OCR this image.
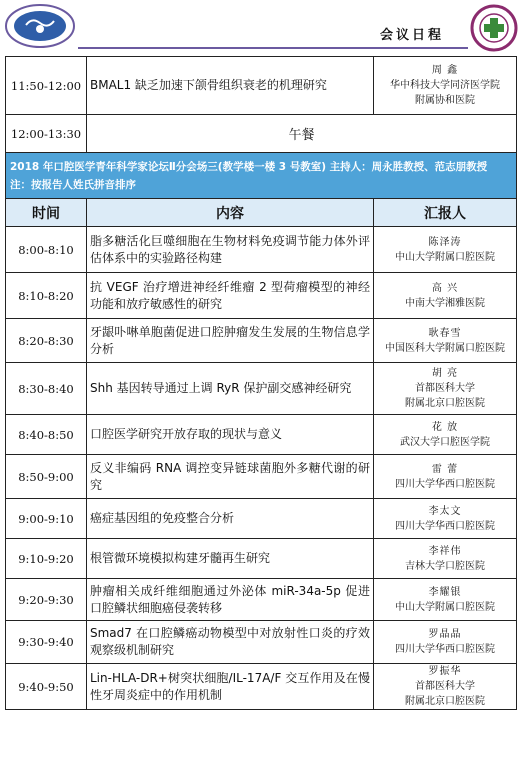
会议日程
11:50-12:00	BMAL1 缺乏加速下颌骨组织衰老的机理研究	周 鑫
华中科技大学同济医学院
附属协和医院

12:00-13:30	午餐	

2018 年口腔医学青年科学家论坛Ⅱ分会场三(教学楼一楼 3 号教室) 主持人：周永胜教授、范志朋教授
注：按报告人姓氏拼音排序		

时间	内容	汇报人
8:00-8:10	脂多糖活化巨噬细胞在生物材料免疫调节能力体外评估体系中的实验路径构建	陈泽涛
中山大学附属口腔医院

8:10-8:20	抗 VEGF 治疗增进神经纤维瘤 2 型荷瘤模型的神经功能和放疗敏感性的研究	高 兴
中南大学湘雅医院

8:20-8:30	牙龈卟啉单胞菌促进口腔肿瘤发生发展的生物信息学分析	耿春雪
中国医科大学附属口腔医院

8:30-8:40	Shh 基因转导通过上调 RyR 保护副交感神经研究	胡 亮
首都医科大学
附属北京口腔医院

8:40-8:50	口腔医学研究开放存取的现状与意义	花 放
武汉大学口腔医学院

8:50-9:00	反义非编码 RNA 调控变异链球菌胞外多糖代谢的研究	雷 蕾
四川大学华西口腔医院

9:00-9:10	癌症基因组的免疫整合分析	李太文
四川大学华西口腔医院

9:10-9:20	根管微环境模拟构建牙髓再生研究	李祥伟
吉林大学口腔医院

9:20-9:30	肿瘤相关成纤维细胞通过外泌体 miR-34a-5p 促进口腔鳞状细胞癌侵袭转移	李耀银
中山大学附属口腔医院

9:30-9:40	Smad7 在口腔鳞癌动物模型中对放射性口炎的疗效观察级机制研究	罗晶晶
四川大学华西口腔医院

9:40-9:50	Lin-HLA-DR+树突状细胞/IL-17A/F 交互作用及在慢性牙周炎症中的作用机制	罗振华
首都医科大学
附属北京口腔医院
